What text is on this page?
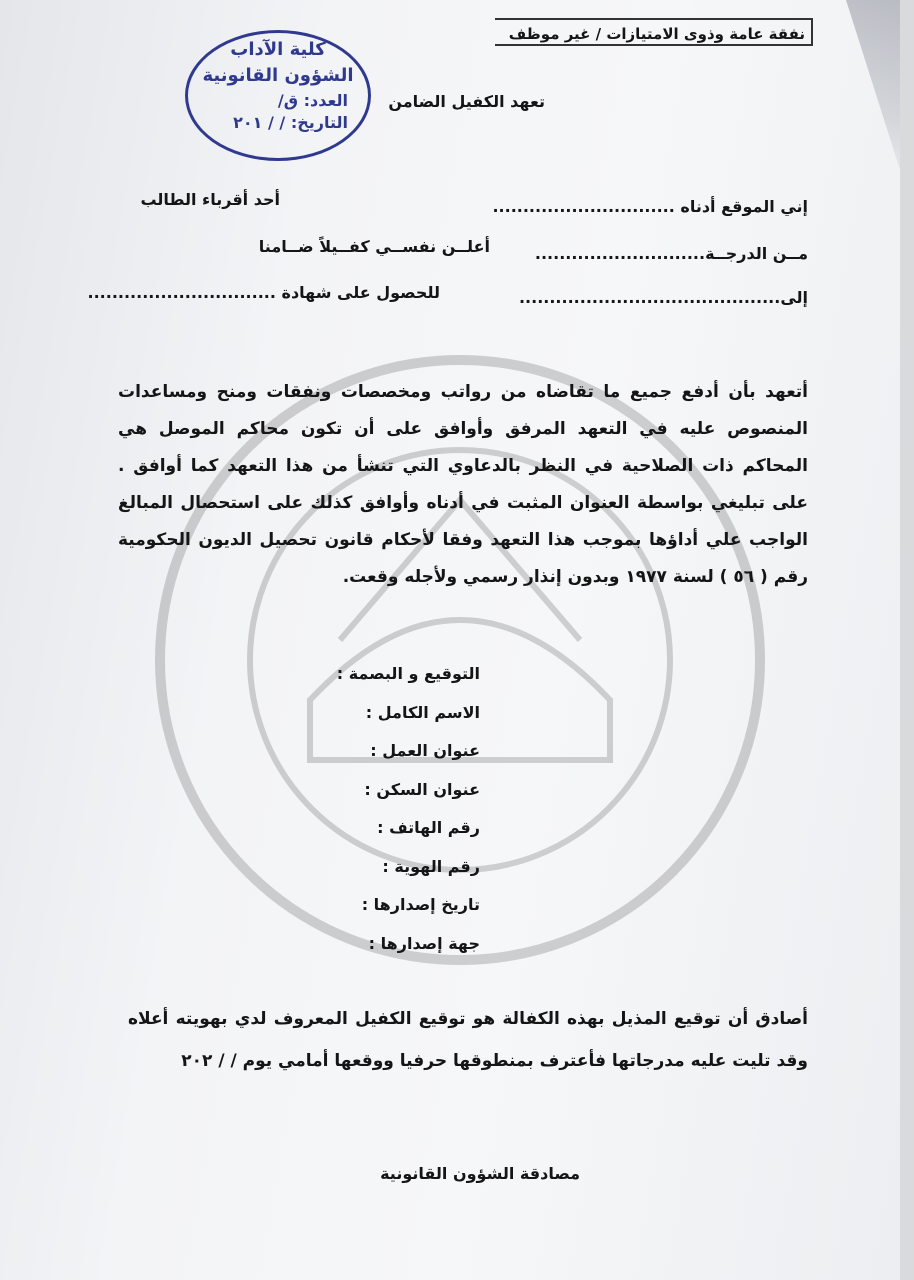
نفقة عامة وذوى الامتيازات / غير موظف
كلية الآداب
الشؤون القانونية
العدد: ق/
التاريخ: / / ٢٠١
تعهد الكفيل الضامن
إني الموقع أدناه ..............................
أحد أقرباء الطالب
مــن الدرجــة............................
أعلــن نفســي كفــيلاً ضــامنا
إلى...........................................
للحصول على شهادة ...............................
أتعهد بأن أدفع جميع ما تقاضاه من رواتب ومخصصات ونفقات ومنح ومساعدات المنصوص عليه في التعهد المرفق وأوافق على أن تكون محاكم الموصل هي المحاكم ذات الصلاحية في النظر بالدعاوي التي تنشأ من هذا التعهد كما أوافق . على تبليغي بواسطة العنوان المثبت في أدناه وأوافق كذلك على استحصال المبالغ الواجب علي أداؤها بموجب هذا التعهد وفقا لأحكام قانون تحصيل الديون الحكومية رقم ( ٥٦ ) لسنة ١٩٧٧ وبدون إنذار رسمي ولأجله وقعت.
التوقيع و البصمة :
الاسم الكامل :
عنوان العمل :
عنوان السكن :
رقم الهاتف :
رقم الهوية :
تاريخ إصدارها :
جهة إصدارها :
أصادق أن توقيع المذيل بهذه الكفالة هو توقيع الكفيل المعروف لدي بهويته أعلاه وقد تليت عليه مدرجاتها فأعترف بمنطوقها حرفيا ووقعها أمامي يوم / / ٢٠٢
مصادقة الشؤون القانونية
